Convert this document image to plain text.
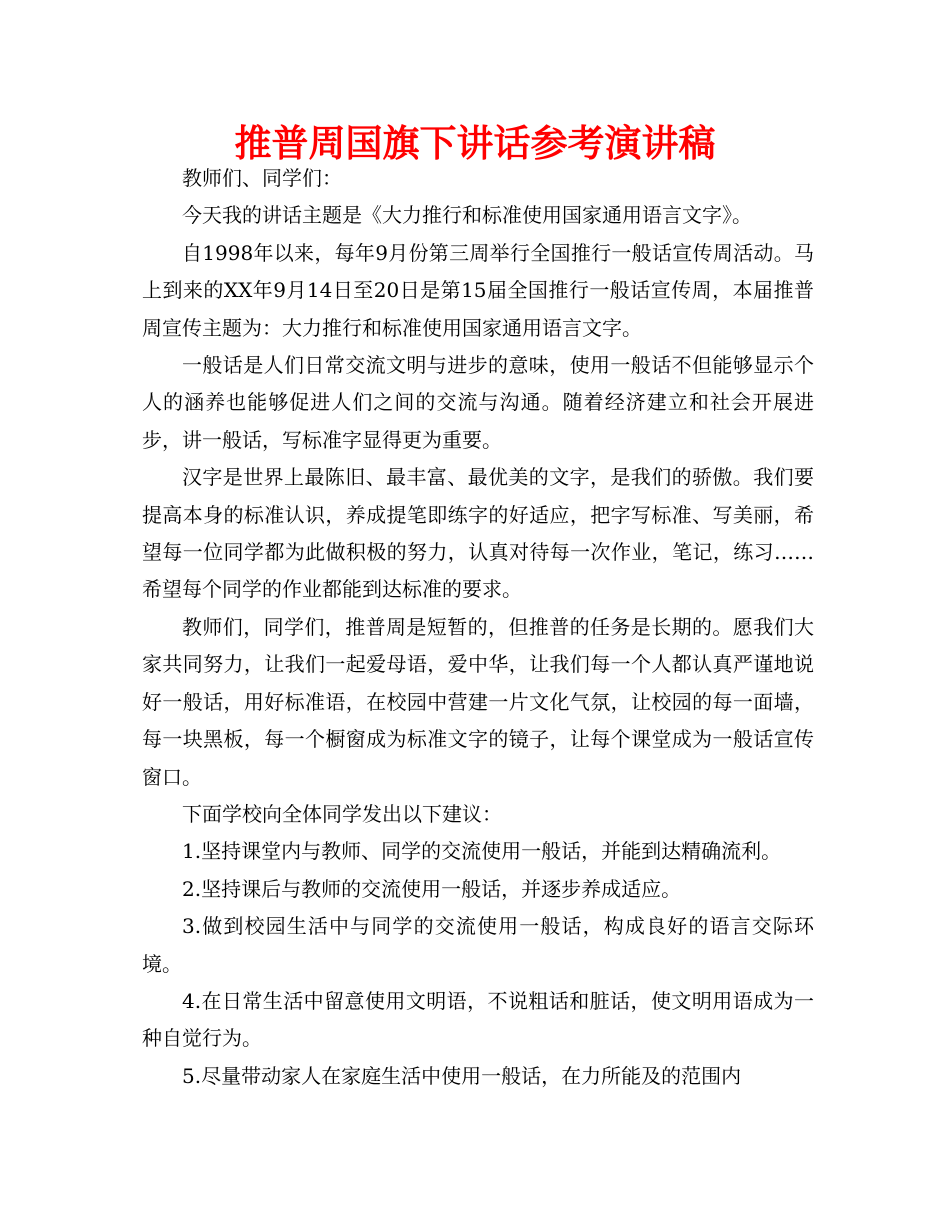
推普周国旗下讲话参考演讲稿

教师们、同学们：

今天我的讲话主题是《大力推行和标准使用国家通用语言文字》。

自1998年以来，每年9月份第三周举行全国推行一般话宣传周活动。马上到来的XX年9月14日至20日是第15届全国推行一般话宣传周，本届推普周宣传主题为：大力推行和标准使用国家通用语言文字。

一般话是人们日常交流文明与进步的意味，使用一般话不但能够显示个人的涵养也能够促进人们之间的交流与沟通。随着经济建立和社会开展进步，讲一般话，写标准字显得更为重要。

汉字是世界上最陈旧、最丰富、最优美的文字，是我们的骄傲。我们要提高本身的标准认识，养成提笔即练字的好适应，把字写标准、写美丽，希望每一位同学都为此做积极的努力，认真对待每一次作业，笔记，练习……希望每个同学的作业都能到达标准的要求。

教师们，同学们，推普周是短暂的，但推普的任务是长期的。愿我们大家共同努力，让我们一起爱母语，爱中华，让我们每一个人都认真严谨地说好一般话，用好标准语，在校园中营建一片文化气氛，让校园的每一面墙，每一块黑板，每一个橱窗成为标准文字的镜子，让每个课堂成为一般话宣传窗口。

下面学校向全体同学发出以下建议：

1.坚持课堂内与教师、同学的交流使用一般话，并能到达精确流利。

2.坚持课后与教师的交流使用一般话，并逐步养成适应。

3.做到校园生活中与同学的交流使用一般话，构成良好的语言交际环境。

4.在日常生活中留意使用文明语，不说粗话和脏话，使文明用语成为一种自觉行为。

5.尽量带动家人在家庭生活中使用一般话，在力所能及的范围内
